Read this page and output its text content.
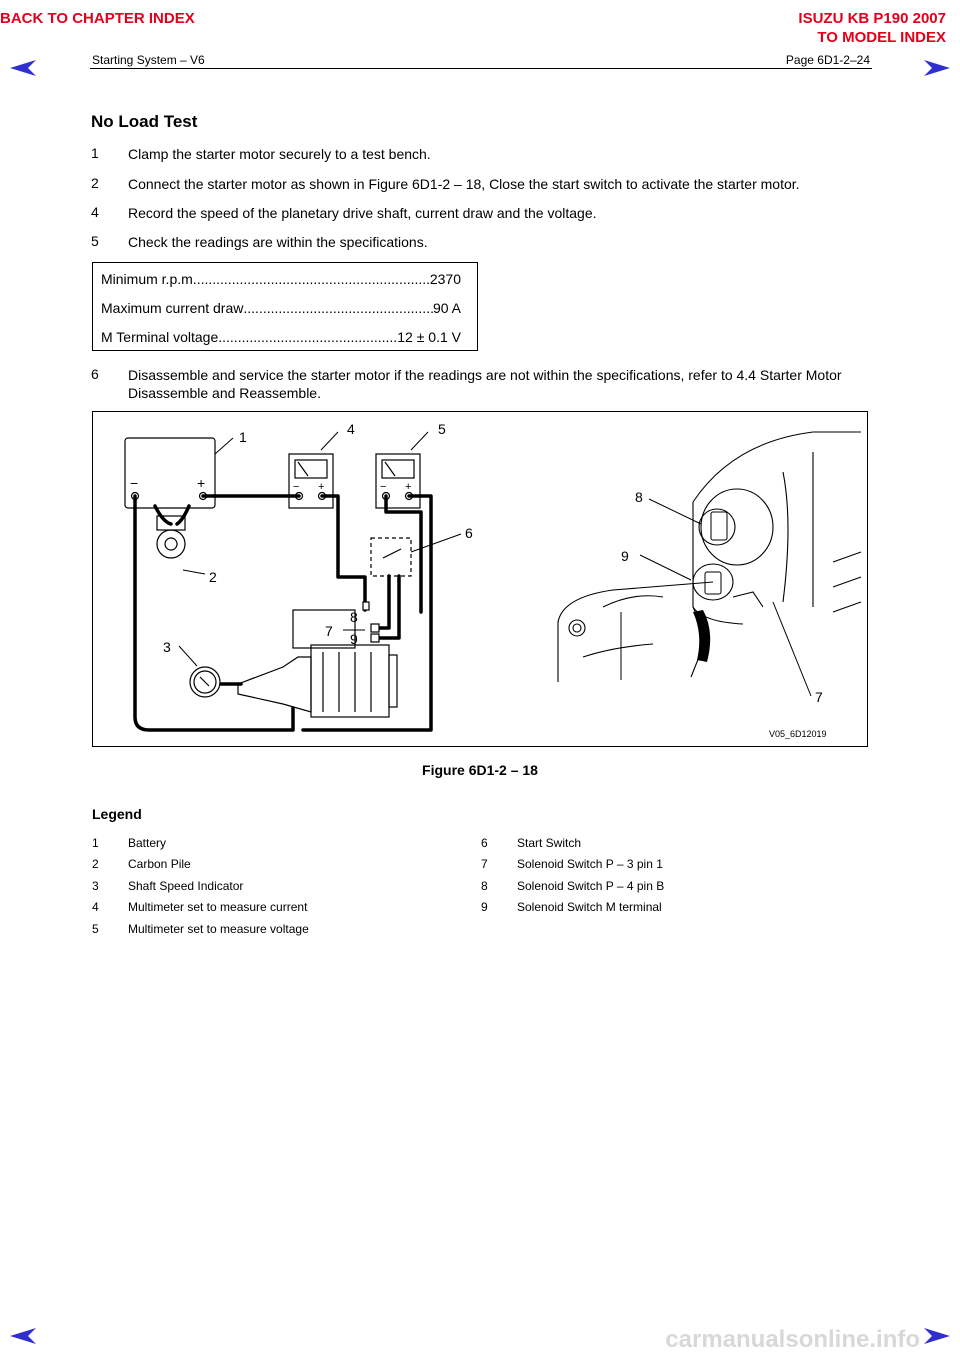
BACK TO CHAPTER INDEX	ISUZU KB P190 2007
TO MODEL INDEX
Starting System – V6	Page 6D1-2–24
No Load Test
1 Clamp the starter motor securely to a test bench.
2 Connect the starter motor as shown in Figure 6D1-2 – 18, Close the start switch to activate the starter motor.
4 Record the speed of the planetary drive shaft, current draw and the voltage.
5 Check the readings are within the specifications.
Minimum r.p.m. .....	2370
Maximum current draw .....	90 A
M Terminal voltage .....	12 ± 0.1 V
6 Disassemble and service the starter motor if the readings are not within the specifications, refer to 4.4 Starter Motor Disassemble and Reassemble.
1
2
3
4	5
6
7
8
9
7
8
9
−	+	− +	− +
V05_6D12019
Figure 6D1-2 – 18
Legend
1 Battery
2 Carbon Pile
3 Shaft Speed Indicator
4 Multimeter set to measure current
5 Multimeter set to measure voltage
6 Start Switch
7 Solenoid Switch P – 3 pin 1
8 Solenoid Switch P – 4 pin B
9 Solenoid Switch M terminal
carmanualsonline.info
